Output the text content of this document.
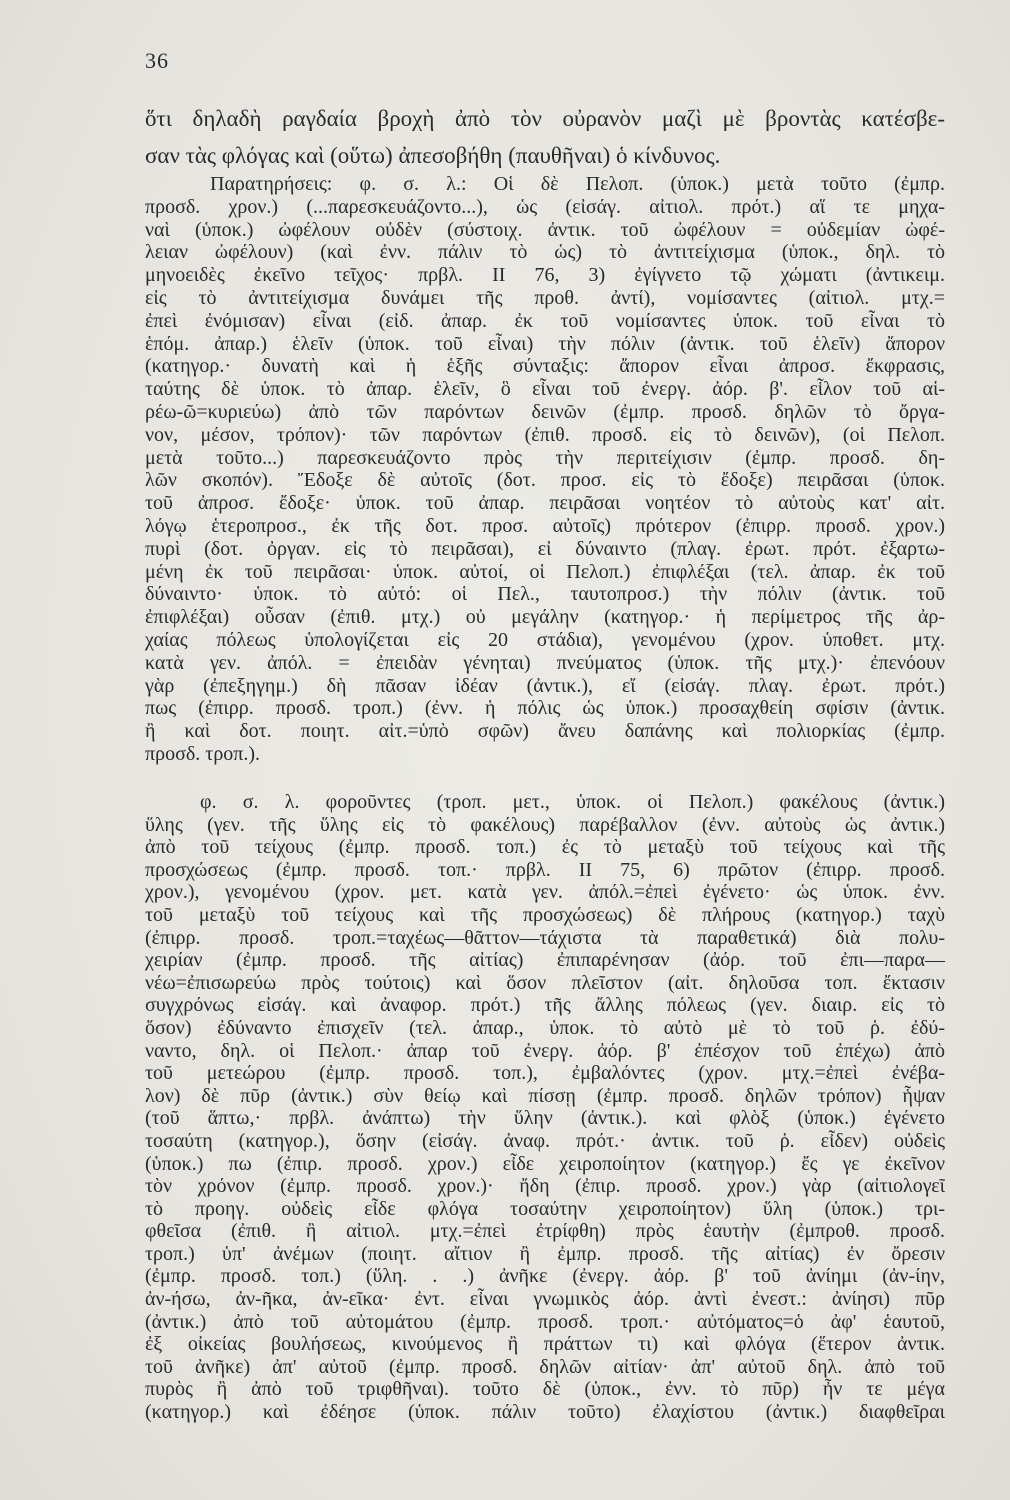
36
ὅτι δηλαδὴ ραγδαία βροχὴ ἀπὸ τὸν οὐρανὸν μαζὶ μὲ βροντὰς κατέσβε-
σαν τὰς φλόγας καὶ (οὕτω) ἀπεσοβήθη (παυθῆναι) ὁ κίνδυνος.
Παρατηρήσεις: φ. σ. λ.: Οἱ δὲ Πελοπ. (ὑποκ.) μετὰ τοῦτο (ἐμπρ.
προσδ. χρον.) (...παρεσκευάζοντο...), ὡς (εἰσάγ. αἰτιολ. πρότ.) αἵ τε μηχα-
ναὶ (ὑποκ.) ὠφέλουν οὐδὲν (σύστοιχ. ἀντικ. τοῦ ὠφέλουν = οὐδεμίαν ὠφέ-
λειαν ὠφέλουν) (καὶ ἐνν. πάλιν τὸ ὡς) τὸ ἀντιτείχισμα (ὑποκ., δηλ. τὸ
μηνοειδὲς ἐκεῖνο τεῖχος· πρβλ. ΙΙ 76, 3) ἐγίγνετο τῷ χώματι (ἀντικειμ.
εἰς τὸ ἀντιτείχισμα δυνάμει τῆς προθ. ἀντί), νομίσαντες (αἰτιολ. μτχ.=
ἐπεὶ ἐνόμισαν) εἶναι (εἰδ. ἀπαρ. ἐκ τοῦ νομίσαντες ὑποκ. τοῦ εἶναι τὸ
ἑπόμ. ἀπαρ.) ἑλεῖν (ὑποκ. τοῦ εἶναι) τὴν πόλιν (ἀντικ. τοῦ ἑλεῖν) ἄπορον
(κατηγορ.· δυνατὴ καὶ ἡ ἑξῆς σύνταξις: ἄπορον εἶναι ἀπροσ. ἔκφρασις,
ταύτης δὲ ὑποκ. τὸ ἀπαρ. ἑλεῖν, ὃ εἶναι τοῦ ἐνεργ. ἀόρ. β'. εἷλον τοῦ αἱ-
ρέω-ῶ=κυριεύω) ἀπὸ τῶν παρόντων δεινῶν (ἐμπρ. προσδ. δηλῶν τὸ ὄργα-
νον, μέσον, τρόπον)· τῶν παρόντων (ἐπιθ. προσδ. εἰς τὸ δεινῶν), (οἱ Πελοπ.
μετὰ τοῦτο...) παρεσκευάζοντο πρὸς τὴν περιτείχισιν (ἐμπρ. προσδ. δη-
λῶν σκοπόν). Ἔδοξε δὲ αὐτοῖς (δοτ. προσ. εἰς τὸ ἔδοξε) πειρᾶσαι (ὑποκ.
τοῦ ἀπροσ. ἔδοξε· ὑποκ. τοῦ ἀπαρ. πειρᾶσαι νοητέον τὸ αὐτοὺς κατ' αἰτ.
λόγῳ ἑτεροπροσ., ἐκ τῆς δοτ. προσ. αὐτοῖς) πρότερον (ἐπιρρ. προσδ. χρον.)
πυρὶ (δοτ. ὀργαν. εἰς τὸ πειρᾶσαι), εἰ δύναιντο (πλαγ. ἐρωτ. πρότ. ἐξαρτω-
μένη ἐκ τοῦ πειρᾶσαι· ὑποκ. αὐτοί, οἱ Πελοπ.) ἐπιφλέξαι (τελ. ἀπαρ. ἐκ τοῦ
δύναιντο· ὑποκ. τὸ αὐτό: οἱ Πελ., ταυτοπροσ.) τὴν πόλιν (ἀντικ. τοῦ
ἐπιφλέξαι) οὖσαν (ἐπιθ. μτχ.) οὐ μεγάλην (κατηγορ.· ἡ περίμετρος τῆς ἀρ-
χαίας πόλεως ὑπολογίζεται εἰς 20 στάδια), γενομένου (χρον. ὑποθετ. μτχ.
κατὰ γεν. ἀπόλ. = ἐπειδὰν γένηται) πνεύματος (ὑποκ. τῆς μτχ.)· ἐπενόουν
γὰρ (ἐπεξηγημ.) δὴ πᾶσαν ἰδέαν (ἀντικ.), εἴ (εἰσάγ. πλαγ. ἐρωτ. πρότ.)
πως (ἐπιρρ. προσδ. τροπ.) (ἐνν. ἡ πόλις ὡς ὑποκ.) προσαχθείη σφίσιν (ἀντικ.
ἢ καὶ δοτ. ποιητ. αἰτ.=ὑπὸ σφῶν) ἄνευ δαπάνης καὶ πολιορκίας (ἐμπρ.
προσδ. τροπ.).
φ. σ. λ. φοροῦντες (τροπ. μετ., ὑποκ. οἱ Πελοπ.) φακέλους (ἀντικ.)
ὕλης (γεν. τῆς ὕλης εἰς τὸ φακέλους) παρέβαλλον (ἐνν. αὐτοὺς ὡς ἀντικ.)
ἀπὸ τοῦ τείχους (ἐμπρ. προσδ. τοπ.) ἐς τὸ μεταξὺ τοῦ τείχους καὶ τῆς
προσχώσεως (ἐμπρ. προσδ. τοπ.· πρβλ. ΙΙ 75, 6) πρῶτον (ἐπιρρ. προσδ.
χρον.), γενομένου (χρον. μετ. κατὰ γεν. ἀπόλ.=ἐπεὶ ἐγένετο· ὡς ὑποκ. ἐνν.
τοῦ μεταξὺ τοῦ τείχους καὶ τῆς προσχώσεως) δὲ πλήρους (κατηγορ.) ταχὺ
(ἐπιρρ. προσδ. τροπ.=ταχέως—θᾶττον—τάχιστα τὰ παραθετικά) διὰ πολυ-
χειρίαν (ἐμπρ. προσδ. τῆς αἰτίας) ἐπιπαρένησαν (ἀόρ. τοῦ ἐπι—παρα—
νέω=ἐπισωρεύω πρὸς τούτοις) καὶ ὅσον πλεῖστον (αἰτ. δηλοῦσα τοπ. ἔκτασιν
συγχρόνως εἰσάγ. καὶ ἀναφορ. πρότ.) τῆς ἄλλης πόλεως (γεν. διαιρ. εἰς τὸ
ὅσον) ἐδύναντο ἐπισχεῖν (τελ. ἀπαρ., ὑποκ. τὸ αὐτὸ μὲ τὸ τοῦ ῥ. ἐδύ-
ναντο, δηλ. οἱ Πελοπ.· ἀπαρ τοῦ ἐνεργ. ἀόρ. β' ἐπέσχον τοῦ ἐπέχω) ἀπὸ
τοῦ μετεώρου (ἐμπρ. προσδ. τοπ.), ἐμβαλόντες (χρον. μτχ.=ἐπεὶ ἐνέβα-
λον) δὲ πῦρ (ἀντικ.) σὺν θείῳ καὶ πίσσῃ (ἐμπρ. προσδ. δηλῶν τρόπον) ἧψαν
(τοῦ ἅπτω,· πρβλ. ἀνάπτω) τὴν ὕλην (ἀντικ.). καὶ φλὸξ (ὑποκ.) ἐγένετο
τοσαύτη (κατηγορ.), ὅσην (εἰσάγ. ἀναφ. πρότ.· ἀντικ. τοῦ ῥ. εἶδεν) οὐδεὶς
(ὑποκ.) πω (ἐπιρ. προσδ. χρον.) εἶδε χειροποίητον (κατηγορ.) ἔς γε ἐκεῖνον
τὸν χρόνον (ἐμπρ. προσδ. χρον.)· ἤδη (ἐπιρ. προσδ. χρον.) γὰρ (αἰτιολογεῖ
τὸ προηγ. οὐδεὶς εἶδε φλόγα τοσαύτην χειροποίητον) ὕλη (ὑποκ.) τρι-
φθεῖσα (ἐπιθ. ἢ αἰτιολ. μτχ.=ἐπεὶ ἐτρίφθη) πρὸς ἑαυτὴν (ἐμπροθ. προσδ.
τροπ.) ὑπ' ἀνέμων (ποιητ. αἴτιον ἢ ἐμπρ. προσδ. τῆς αἰτίας) ἐν ὄρεσιν
(ἐμπρ. προσδ. τοπ.) (ὕλη. . .) ἀνῆκε (ἐνεργ. ἀόρ. β' τοῦ ἀνίημι (ἀν-ίην,
ἀν-ήσω, ἀν-ῆκα, ἀν-εῖκα· ἐντ. εἶναι γνωμικὸς ἀόρ. ἀντὶ ἐνεστ.: ἀνίησι) πῦρ
(ἀντικ.) ἀπὸ τοῦ αὐτομάτου (ἐμπρ. προσδ. τροπ.· αὐτόματος=ὁ ἀφ' ἑαυτοῦ,
ἐξ οἰκείας βουλήσεως, κινούμενος ἢ πράττων τι) καὶ φλόγα (ἕτερον ἀντικ.
τοῦ ἀνῆκε) ἀπ' αὐτοῦ (ἐμπρ. προσδ. δηλῶν αἰτίαν· ἀπ' αὐτοῦ δηλ. ἀπὸ τοῦ
πυρὸς ἢ ἀπὸ τοῦ τριφθῆναι). τοῦτο δὲ (ὑποκ., ἐνν. τὸ πῦρ) ἦν τε μέγα
(κατηγορ.) καὶ ἐδέησε (ὑποκ. πάλιν τοῦτο) ἐλαχίστου (ἀντικ.) διαφθεῖραι
